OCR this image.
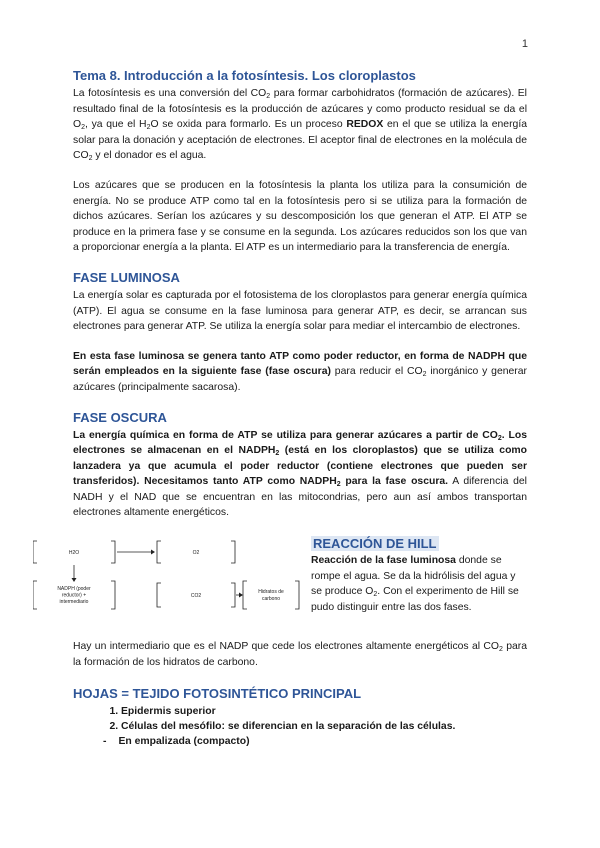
1
Tema 8. Introducción a la fotosíntesis. Los cloroplastos

La fotosíntesis es una conversión del $CO_2$ para formar carbohidratos (formación de azúcares). El resultado final de la fotosíntesis es la producción de azúcares y como producto residual se da el $O_2$, ya que el $H_2O$ se oxida para formarlo. Es un proceso REDOX en el que se utiliza la energía solar para la donación y aceptación de electrones. El aceptor final de electrones en la molécula de $CO_2$ y el donador es el agua.

Los azúcares que se producen en la fotosíntesis la planta los utiliza para la consumición de energía. No se produce ATP como tal en la fotosíntesis pero si se utiliza para la formación de dichos azúcares. Serían los azúcares y su descomposición los que generan el ATP. El ATP se produce en la primera fase y se consume en la segunda. Los azúcares reducidos son los que van a proporcionar energía a la planta. El ATP es un intermediario para la transferencia de energía.

FASE LUMINOSA

La energía solar es capturada por el fotosistema de los cloroplastos para generar energía química (ATP). El agua se consume en la fase luminosa para generar ATP, es decir, se arrancan sus electrones para generar ATP. Se utiliza la energía solar para mediar el intercambio de electrones.

En esta fase luminosa se genera tanto ATP como poder reductor, en forma de NADPH que serán empleados en la siguiente fase (fase oscura) para reducir el $CO_2$ inorgánico y generar azúcares (principalmente sacarosa).

FASE OSCURA

La energía química en forma de ATP se utiliza para generar azúcares a partir de $CO_2$. Los electrones se almacenan en el $NADPH_2$ (está en los cloroplastos) que se utiliza como lanzadera ya que acumula el poder reductor (contiene electrones que pueden ser transferidos). Necesitamos tanto ATP como $NADPH_2$ para la fase oscura. A diferencia del NADH y el NAD que se encuentran en las mitocondrias, pero aun así ambos transportan electrones altamente energéticos.

H2O	O2
NADPH (poder
reductor) +
intermediario
CO2
Hidratos de
carbono
REACCIÓN DE HILL

Reacción de la fase luminosa donde se rompe el agua. Se da la hidrólisis del agua y se produce $O_2$. Con el experimento de Hill se pudo distinguir entre las dos fases.

Hay un intermediario que es el NADP que cede los electrones altamente energéticos al $CO_2$ para la formación de los hidratos de carbono.

HOJAS = TEJIDO FOTOSINTÉTICO PRINCIPAL
1. Epidermis superior
2. Células del mesófilo: se diferencian en la separación de las células.
- En empalizada (compacto)
